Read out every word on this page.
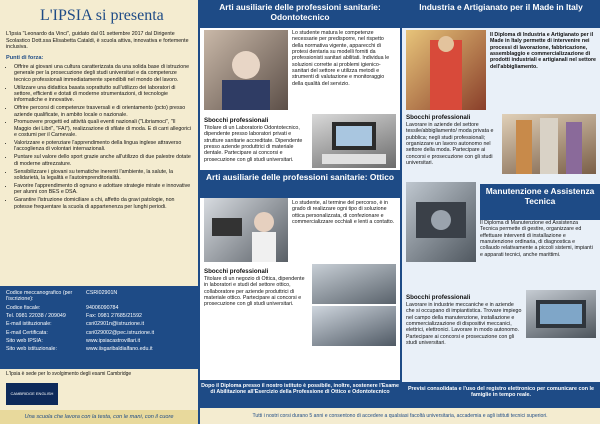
L'IPSIA si presenta
L'Ipsia "Leonardo da Vinci", guidato dal 01 settembre 2017 dal Dirigente Scolastico Dott.ssa Elisabetta Cataldi, è scuola attiva, innovativa e fortemente inclusiva.
Punti di forza:
• Offrire ai giovani una cultura caratterizzata da una solida base di istruzione generale per la prosecuzione degli studi universitari e da competenze tecnico professionali immediatamente spendibili nel mondo del lavoro.
• Utilizzare una didattica basata soprattutto sull'utilizzo dei laboratori di settore, efficienti e dotati di moderne strumentazioni, di tecnologie informatiche e innovative.
• Offrire percorsi di competenze trasversali e di orientamento (pcto) presso aziende qualificate, in ambito locale o nazionale.
• Promuovere progetti ed attività quali eventi nazionali ("Libriamoci", "Il Maggio dei Libri", "FAI"), realizzazione di sfilate di moda. E di carri allegorici e costumi per il Carnevale.
• Valorizzare e potenziare l'apprendimento della lingua inglese attraverso l'accoglienza di volontari internazionali.
• Puntare sul valore dello sport grazie anche all'utilizzo di due palestre dotate di moderne attrezzature.
• Sensibilizzare i giovani su tematiche inerenti l'ambiente, la salute, la solidarietà, la legalità e l'autoimprenditorialità.
• Favorire l'apprendimento di ognuno e adottare strategie mirate e innovative per alunni con BES e DSA.
• Garantire l'istruzione domiciliare a chi, affetto da gravi patologie, non potesse frequentare la scuola di appartenenza per lunghi periodi.
Codice meccanografico (per l'iscrizione):
CSRI02901N
Codice fiscale:	94006090784
Tel. 0981 22038 / 209049	Fax: 0981 27685/21592
E-mail istituzionale:	csri02901n@istruzione.it
E-mail Certificata:	csri029002@pec.istruzione.it
Sito web IPSIA:	www.ipsiacastrovillari.it
Sito web istituzionale:	www.iisgaribaldialfano.edu.it
L'Ipsia è sede per lo svolgimento degli esami Cambridge
CAMBRIDGE ENGLISH
Una scuola che lavora con la testa, con le mani, con il cuore
Arti ausiliarie delle professioni sanitarie: Odontotecnico
Lo studente matura le competenze necessarie per predisporre, nel rispetto della normativa vigente, apparecchi di protesi dentaria su modelli forniti da professionisti sanitari abilitati. Individua le soluzioni corrette ai problemi igienico-sanitari del settore e utilizza metodi e strumenti di valutazione e monitoraggio della qualità del servizio.
Sbocchi professionali
Titolare di un Laboratorio Odontotecnico, dipendente presso laboratori privati e strutture sanitarie accreditate. Dipendente presso aziende produttrici di materiale dentale. Partecipare ai concorsi e prosecuzione con gli studi universitari.
Arti ausiliarie delle professioni sanitarie: Ottico
Lo studente, al termine del percorso, è in grado di realizzare ogni tipo di soluzione ottica personalizzata, di confezionare e commercializzare occhiali e lenti a contatto.
Sbocchi professionali
Titolare di un negozio di Ottica, dipendente in laboratori e studi del settore ottico, collaboratore per aziende produttrici di materiale ottico. Partecipare ai concorsi e prosecuzione con gli studi universitari.
Dopo il Diploma presso il nostro istituto è possibile, inoltre, sostenere l'Esame di Abilitazione all'Esercizio della Professione di Ottico e Odontotecnico
Industria e Artigianato per il Made in Italy
Il Diploma di Industria e Artigianato per il Made in Italy permette di intervenire nei processi di lavorazione, fabbricazione, assemblaggio e commercializzazione di prodotti industriali e artigianali nel settore dell'abbigliamento.
Sbocchi professionali
Lavorare in aziende del settore tessile/abbigliamento/ moda privata e pubblica; negli studi professionali; organizzare un lavoro autonomo nel settore della moda. Partecipare ai concorsi e prosecuzione con gli studi universitari.
Manutenzione e Assistenza Tecnica
Il Diploma di Manutenzione ed Assistenza Tecnica permette di gestire, organizzare ed effettuare interventi di installazione e manutenzione ordinaria, di diagnostica e collaudo relativamente a piccoli sistemi, impianti e apparati tecnici, anche marittimi.
Sbocchi professionali
Lavorare in industrie meccaniche e in aziende che si occupano di impiantistica. Trovare impiego nel campo della manutenzione, installazione e commercializzazione di dispositivi meccanici, elettrici, elettronici. Lavorare in modo autonomo. Partecipare ai concorsi e prosecuzione con gli studi universitari.
Previsi consolidata e l'uso del registro elettronico per comunicare con le famiglie in tempo reale.
Tutti i nostri corsi durano 5 anni e consentono di accedere a qualsiasi facoltà universitaria, accademia e agli istituti tecnici superiori.
